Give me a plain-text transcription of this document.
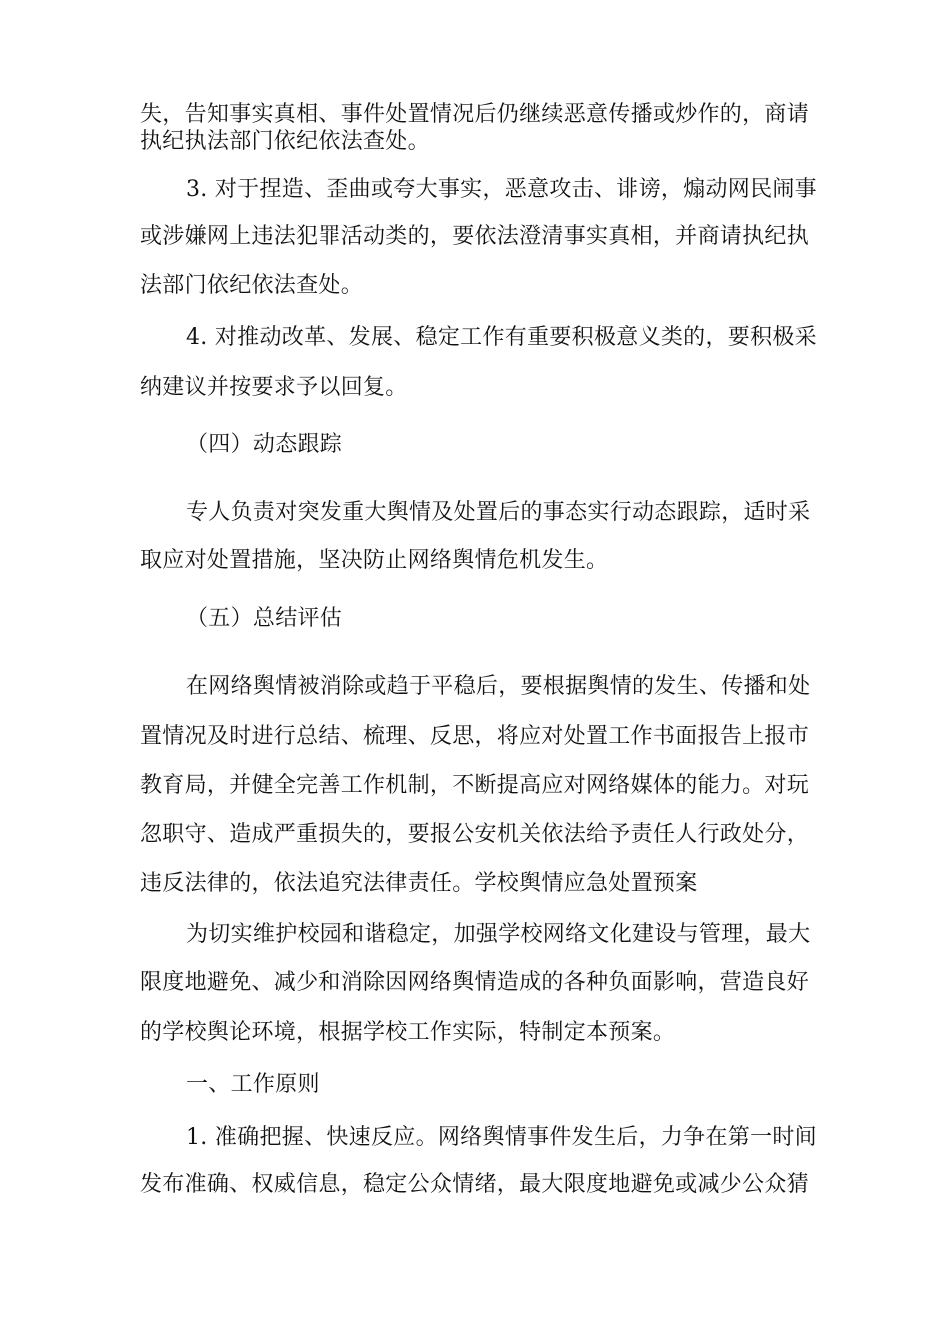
失，告知事实真相、事件处置情况后仍继续恶意传播或炒作的，商请
执纪执法部门依纪依法查处。
3. 对于捏造、歪曲或夸大事实，恶意攻击、诽谤，煽动网民闹事
或涉嫌网上违法犯罪活动类的，要依法澄清事实真相，并商请执纪执
法部门依纪依法查处。
4. 对推动改革、发展、稳定工作有重要积极意义类的，要积极采
纳建议并按要求予以回复。
（四）动态跟踪
专人负责对突发重大舆情及处置后的事态实行动态跟踪，适时采
取应对处置措施，坚决防止网络舆情危机发生。
（五）总结评估
在网络舆情被消除或趋于平稳后，要根据舆情的发生、传播和处
置情况及时进行总结、梳理、反思，将应对处置工作书面报告上报市
教育局，并健全完善工作机制，不断提高应对网络媒体的能力。对玩
忽职守、造成严重损失的，要报公安机关依法给予责任人行政处分，
违反法律的，依法追究法律责任。学校舆情应急处置预案
为切实维护校园和谐稳定，加强学校网络文化建设与管理，最大
限度地避免、减少和消除因网络舆情造成的各种负面影响，营造良好
的学校舆论环境，根据学校工作实际，特制定本预案。
一、工作原则
1. 准确把握、快速反应。网络舆情事件发生后，力争在第一时间
发布准确、权威信息，稳定公众情绪，最大限度地避免或减少公众猜
